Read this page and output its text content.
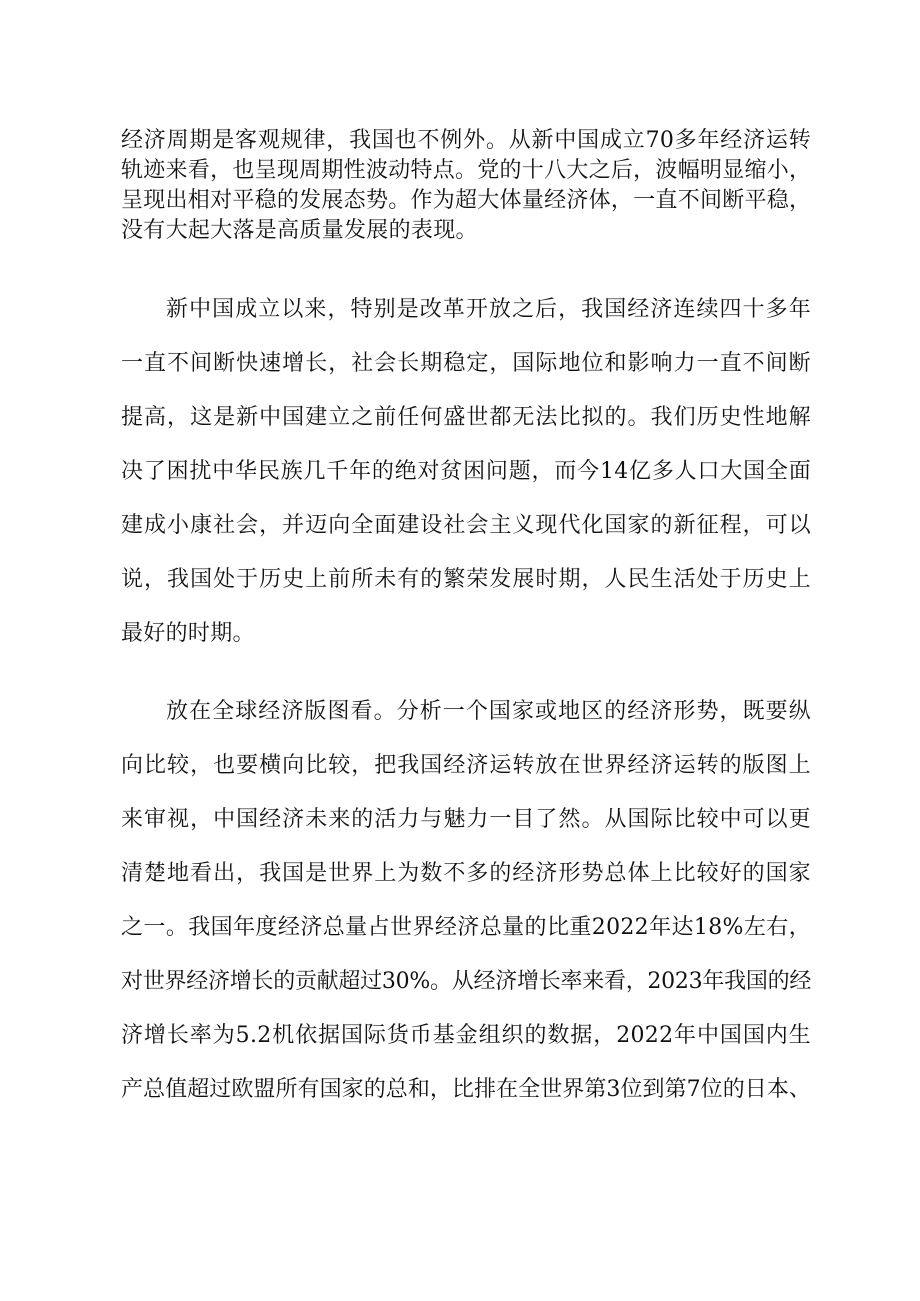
经济周期是客观规律，我国也不例外。从新中国成立70多年经济运转
轨迹来看，也呈现周期性波动特点。党的十八大之后，波幅明显缩小，
呈现出相对平稳的发展态势。作为超大体量经济体，一直不间断平稳，
没有大起大落是高质量发展的表现。
新中国成立以来，特别是改革开放之后，我国经济连续四十多年
一直不间断快速增长，社会长期稳定，国际地位和影响力一直不间断
提高，这是新中国建立之前任何盛世都无法比拟的。我们历史性地解
决了困扰中华民族几千年的绝对贫困问题，而今14亿多人口大国全面
建成小康社会，并迈向全面建设社会主义现代化国家的新征程，可以
说，我国处于历史上前所未有的繁荣发展时期，人民生活处于历史上
最好的时期。
放在全球经济版图看。分析一个国家或地区的经济形势，既要纵
向比较，也要横向比较，把我国经济运转放在世界经济运转的版图上
来审视，中国经济未来的活力与魅力一目了然。从国际比较中可以更
清楚地看出，我国是世界上为数不多的经济形势总体上比较好的国家
之一。我国年度经济总量占世界经济总量的比重2022年达18%左右，
对世界经济增长的贡献超过30%。从经济增长率来看，2023年我国的经
济增长率为5.2机依据国际货币基金组织的数据，2022年中国国内生
产总值超过欧盟所有国家的总和，比排在全世界第3位到第7位的日本、
